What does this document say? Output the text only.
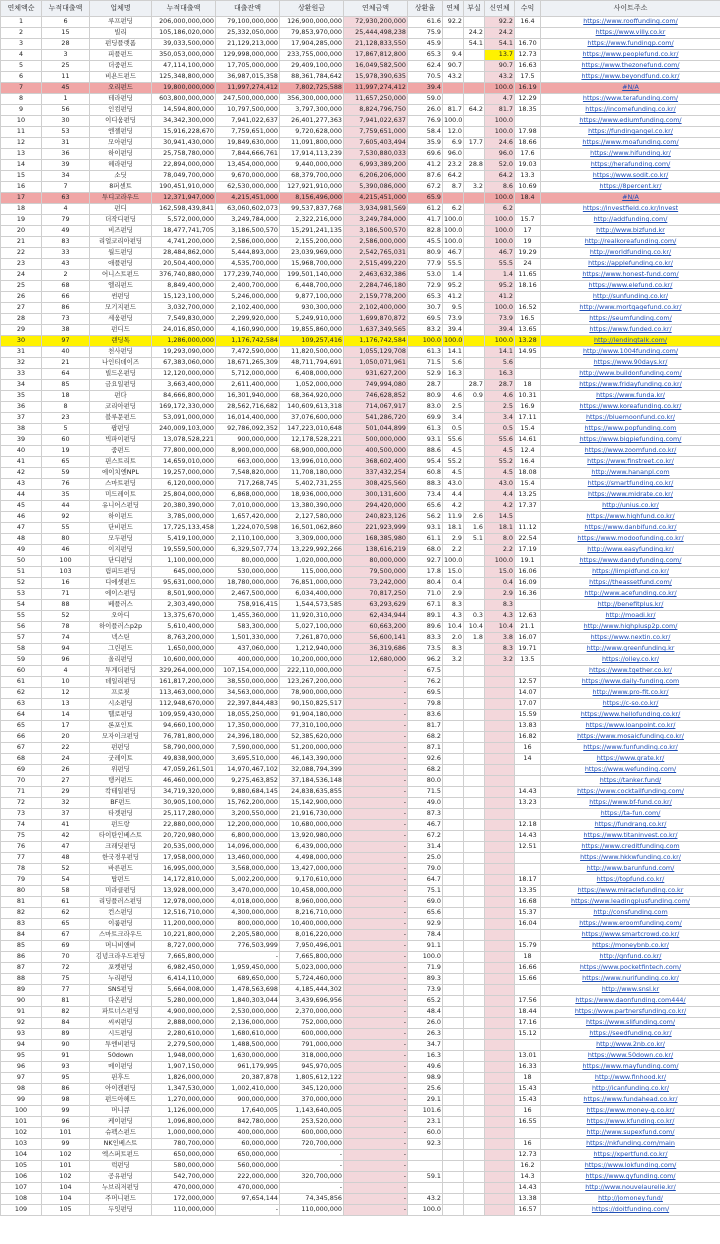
연체액순	누적대출액	업체명	누적대출액	대출잔액	상환원금	연체금액	상환율	연체	부실	신연체	수익	사이트주소
1	6	루프펀딩	206,000,000,000	79,100,000,000	126,900,000,000	72,930,200,000	61.6	92.2		92.2	16.4	https://www.rooffunding.com/
2	15	빌리	105,186,020,000	25,332,050,000	79,853,970,000	25,444,498,238	75.9		24.2	24.2		https://www.villy.co.kr
3	28	펀딩플랫폼	39,033,500,000	21,129,213,000	17,904,285,000	21,128,833,550	45.9		54.1	54.1	16.70	https://www.fundingp.com/
4	3	피플펀드	350,053,000,000	129,998,000,000	233,755,000,000	17,867,812,800	65.3	9.4		13.7	12.73	https://www.peoplefund.co.kr/
5	25	더줌펀드	47,114,100,000	17,705,000,000	29,409,100,000	16,049,582,500	62.4	90.7		90.7	16.63	https://www.thezonefund.com/
6	11	비욘드펀드	125,348,800,000	36,987,015,358	88,361,784,642	15,978,390,635	70.5	43.2		43.2	17.5	https://www.beyondfund.co.kr/
7	45	오리펀드	19,800,000,000	11,997,274,412	7,802,725,588	11,997,274,412	39.4			100.0	16.19	#N/A
8	1	테라펀딩	603,800,000,000	247,500,000,000	356,300,000,000	11,657,250,000	59.0			4.7	12.29	https://www.terafunding.com/
9	56	인컴펀딩	14,594,800,000	10,797,500,000	3,797,300,000	8,824,796,750	26.0	81.7	64.2	81.7	18.35	https://incomefunding.co.kr/
10	30	이디움펀딩	34,342,300,000	7,941,022,637	26,401,277,363	7,941,022,637	76.9	100.0		100.0		https://www.ediumfunding.com/
11	53	엔젤펀딩	15,916,228,670	7,759,651,000	9,720,628,000	7,759,651,000	58.4	12.0		100.0	17.98	https://fundingangel.co.kr/
12	31	모아펀딩	30,941,430,000	19,849,630,000	11,091,800,000	7,605,403,494	35.9	6.9	17.7	24.6	18.66	https://www.moafunding.com/
13	36	하이펀딩	25,758,780,000	7,844,666,761	17,914,113,239	7,530,880,033	69.6	96.0		96.0	17.6	https://www.hifunding.kr/
14	39	헤라펀딩	22,894,000,000	13,454,000,000	9,440,000,000	6,993,389,200	41.2	23.2	28.8	52.0	19.03	https://herafunding.com/
15	34	소딧	78,049,700,000	9,670,000,000	68,379,700,000	6,206,206,000	87.6	64.2		64.2	13.3	https://www.sodit.co.kr/
16	7	8퍼센트	190,451,910,000	62,530,000,000	127,921,910,000	5,390,086,000	67.2	8.7	3.2	8.6	10.69	https://8percent.kr/
17	63	투디고라우드	12,371,947,000	4,215,451,000	8,156,496,000	4,215,451,000	65.9			100.0	18.4	#N/A
18	4	펀디	162,598,439,841	63,060,602,073	99,537,837,768	3,934,981,569	61.2	6.2		6.2		https://investfield.co.kr/invest
19	79	더작디펀딩	5,572,000,000	3,249,784,000	2,322,216,000	3,249,784,000	41.7	100.0		100.0	15.7	http://addfunding.com/
20	49	비즈펀딩	18,477,741,705	3,186,500,570	15,291,241,135	3,186,500,570	82.8	100.0		100.0	17	http://www.bizfund.kr
21	83	리얼코리아펀딩	4,741,200,000	2,586,000,000	2,155,200,000	2,586,000,000	45.5	100.0		100.0	19	http://realkoreafunding.com/
22	33	월드펀딩	28,484,862,000	5,444,893,000	23,039,969,000	2,542,765,031	80.9	46.7		46.7	19.29	http://worldfunding.co.kr/
23	43	애플펀딩	20,504,400,000	4,535,700,000	15,968,700,000	2,515,499,220	77.9	55.5		55.5	24	https://applefunding.co.kr/
24	2	어니스트펀드	376,740,880,000	177,239,740,000	199,501,140,000	2,463,632,386	53.0	1.4		1.4	11.65	https://www.honest-fund.com/
25	68	엘리펀드	8,849,400,000	2,400,700,000	6,448,700,000	2,284,746,180	72.9	95.2		95.2	18.16	https://www.elefund.co.kr/
26	66	썬펀딩	15,123,100,000	5,246,000,000	9,877,100,000	2,159,778,200	65.3	41.2		41.2		http://sunfunding.co.kr/
27	86	모기지펀드	3,032,700,000	2,102,400,000	930,300,000	2,102,400,000	30.7	9.5		100.0	16.52	http://www.mortgagefund.co.kr/
28	73	세움펀딩	7,549,830,000	2,299,920,000	5,249,910,000	1,699,870,872	69.5	73.9		73.9	16.5	https://seumfunding.com/
29	38	펀디드	24,016,850,000	4,160,990,000	19,855,860,000	1,637,349,565	83.2	39.4		39.4	13.65	https://www.funded.co.kr/
30	97	랜딩톡	1,286,000,000	1,176,742,584	109,257,416	1,176,742,584	100.0	100.0		100.0	13.28	http://lendingtalk.com/
31	40	천사펀딩	19,293,090,000	7,472,590,000	11,820,500,000	1,055,129,708	61.3	14.1		14.1	14.95	http://www.1004funding.com/
32	21	나인티데이즈	67,383,060,000	18,671,265,309	48,711,794,691	1,050,071,961	71.5	5.6		5.6		https://www.90days.kr/
33	64	빌드온펀딩	12,120,000,000	5,712,000,000	6,408,000,000	931,627,200	52.9	16.3		16.3		http://www.buildonfunding.com/
34	85	금요일펀딩	3,663,400,000	2,611,400,000	1,052,000,000	749,994,080	28.7		28.7	28.7	18	https://www.fridayfunding.co.kr/
35	18	펀다	84,666,800,000	16,301,940,000	68,364,920,000	746,628,852	80.9	4.6	0.9	4.6	10.31	https://www.funda.kr/
36	8	코리아펀딩	169,172,330,000	28,562,716,682	140,609,613,318	714,067,917	83.0	2.5		2.5	16.9	https://www.koreafunding.co.kr/
37	23	블루문펀드	53,091,000,000	16,014,400,000	37,076,600,000	541,286,720	69.9	3.4		3.4	17.11	https://bluemoonfund.co.kr/
38	5	팝펀딩	240,009,103,000	92,786,092,352	147,223,010,648	501,044,899	61.3	0.5		0.5	15.4	https://www.popfunding.com
39	60	빅파이펀딩	13,078,528,221	900,000,000	12,178,528,221	500,000,000	93.1	55.6		55.6	14.61	https://www.bigpiefunding.com/
40	19	줌펀드	77,800,000,000	8,900,000,000	68,900,000,000	400,500,000	88.6	4.5		4.5	12.4	https://www.zoomfund.co.kr/
41	65	핀스트리트	14,659,010,000	663,000,000	13,996,010,000	368,602,400	95.4	55.2		55.2	16.4	https://www.finstreet.co.kr/
42	59	에이치엔NPL	19,257,000,000	7,548,820,000	11,708,180,000	337,432,254	60.8	4.5		4.5	18.08	http://www.hananpl.com
43	76	스마트펀딩	6,120,000,000	717,268,745	5,402,731,255	308,425,560	88.3	43.0		43.0	15.4	https://smartfunding.co.kr/
44	35	미드레이트	25,804,000,000	6,868,000,000	18,936,000,000	300,131,600	73.4	4.4		4.4	13.25	https://www.midrate.co.kr/
45	44	유니어스펀딩	20,380,390,000	7,010,000,000	13,380,390,000	294,420,000	65.6	4.2		4.2	17.37	http://unius.co.kr/
46	92	하이펀드	3,785,000,000	1,657,420,000	2,127,580,000	240,823,126	56.2	11.9	2.6	14.5		https://www.highfund.co.kr/
47	55	단비펀드	17,725,133,458	1,224,070,598	16,501,062,860	221,923,999	93.1	18.1	1.6	18.1	11.12	https://www.danbifund.co.kr/
48	80	모두펀딩	5,419,100,000	2,110,100,000	3,309,000,000	168,385,980	61.1	2.9	5.1	8.0	22.54	https://www.modoofunding.co.kr/
49	46	이지펀딩	19,559,500,000	6,329,507,774	13,229,992,266	138,616,219	68.0	2.2		2.2	17.19	http://www.easyfunding.kr/
50	100	단디펀딩	1,100,000,000	80,000,000	1,020,000,000	80,000,000	92.7	100.0		100.0	19.1	https://www.dandyfunding.com/
51	103	림피드펀딩	645,000,000	530,000,000	115,000,000	79,500,000	17.8	15.0		15.0	16.06	https://limpidfund.co.kr/
52	16	디에셋펀드	95,631,000,000	18,780,000,000	76,851,000,000	73,242,000	80.4	0.4		0.4	16.09	https://theassetfund.com/
53	71	에이스펀딩	8,501,900,000	2,467,500,000	6,034,400,000	70,817,250	71.0	2.9		2.9	16.36	http://www.acefunding.co.kr/
54	88	베플러스	2,303,490,000	758,916,415	1,544,573,585	63,293,629	67.1	8.3		8.3		http://benefitplus.kr/
55	52	오아디	13,375,670,000	1,455,360,000	11,920,310,000	62,434,944	89.1	4.3	0.3	4.3	12.63	http://moadi.kr/
56	78	하이플러스p2p	5,610,400,000	583,300,000	5,027,100,000	60,663,200	89.6	10.4	10.4	10.4	21.1	http://www.highplusp2p.com/
57	74	넥스틴	8,763,200,000	1,501,330,000	7,261,870,000	56,600,141	83.3	2.0	1.8	3.8	16.07	https://www.nextin.co.kr/
58	94	그린펀드	1,650,000,000	437,060,000	1,212,940,000	36,319,686	73.5	8.3		8.3	19.71	http://www.greenfunding.kr
59	96	올리펀딩	10,600,000,000	400,000,000	10,200,000,000	12,680,000	96.2	3.2		3.2	13.5	https://olley.co.kr/
60	4	투게더펀딩	329,264,000,000	107,154,000,000	222,110,000,000	-	67.5					https://www.tgether.co.kr/
61	10	데일리펀딩	161,817,200,000	38,550,000,000	123,267,200,000	-	76.2				12.57	https://www.daily-funding.com
62	12	프로핏	113,463,000,000	34,563,000,000	78,900,000,000	-	69.5				14.07	http://www.pro-fit.co.kr/
63	13	시소펀딩	112,948,670,000	22,397,844,483	90,150,825,517	-	79.8				17.07	https://c-so.co.kr/
64	14	헬로펀딩	109,959,430,000	18,055,250,000	91,904,180,000	-	83.6				15.59	https://www.hellofunding.co.kr/
65	17	론포인트	94,660,100,000	17,350,000,000	77,310,100,000	-	81.7				13.83	https://www.loanpoint.co.kr/
66	20	모자이크펀딩	76,781,800,000	24,396,180,000	52,385,620,000	-	68.2				16.82	https://www.mosaicfunding.co.kr/
67	22	펀펀딩	58,790,000,000	7,590,000,000	51,200,000,000	-	87.1				16	https://www.funfunding.co.kr/
68	24	굿레이트	49,838,900,000	3,695,510,000	46,143,390,000	-	92.6				14	https://www.grate.kr/
69	26	위펀딩	47,059,261,501	14,970,467,102	32,088,794,399	-	68.2					https://www.wefunding.com/
70	27	탱커펀드	46,460,000,000	9,275,463,852	37,184,536,148	-	80.0					https://tanker.fund/
71	29	칵테일펀딩	34,719,320,000	9,880,684,145	24,838,635,855	-	71.5				14.43	https://www.cocktailfunding.com/
72	32	BF펀드	30,905,100,000	15,762,200,000	15,142,900,000	-	49.0				13.23	https://www.bf-fund.co.kr/
73	37	타겟펀딩	25,117,280,000	3,200,550,000	21,916,730,000	-	87.3					https://ta-fun.com/
74	41	펀드랑	22,880,000,000	12,200,000,000	10,680,000,000	-	46.7				12.18	https://fundrang.co.kr/
75	42	타이탄인베스트	20,720,980,000	6,800,000,000	13,920,980,000	-	67.2				14.43	https://www.titaninvest.co.kr/
76	47	크래딧펀딩	20,535,000,000	14,096,000,000	6,439,000,000	-	31.4				12.51	https://www.creditfunding.com
77	48	한국경우펀딩	17,958,000,000	13,460,000,000	4,498,000,000	-	25.0					https://www.hkkwfunding.co.kr/
78	52	바른펀드	16,995,000,000	3,568,000,000	13,427,000,000	-	79.0					http://www.barunfund.com/
79	54	탑펀드	14,172,810,000	5,002,200,000	9,170,610,000	-	64.7				18.17	https://topfund.co.kr/
80	58	미라클펀딩	13,928,000,000	3,470,000,000	10,458,000,000	-	75.1				13.35	https://www.miraclefunding.co.kr
81	61	리딩플러스펀딩	12,978,000,000	4,018,000,000	8,960,000,000	-	69.0				16.68	https://www.leadingplusfunding.com/
82	62	컨스펀딩	12,516,710,000	4,300,000,000	8,216,710,000	-	65.6				15.37	http://consfunding.com
83	65	이룸펀딩	11,200,000,000	800,000,000	10,400,000,000	-	92.9				16.04	https://www.eroomfunding.com/
84	67	스마트크라우드	10,221,800,000	2,205,580,000	8,016,220,000	-	78.4					https://www.smartcrowd.co.kr/
85	69	머니비앤비	8,727,000,000	776,503,999	7,950,496,001	-	91.1				15.79	https://moneybnb.co.kr/
86	70	김녕크라우드펀딩	7,665,800,000	-	7,665,800,000	-	100.0				18	http://gnfund.co.kr/
87	72	포켓펀딩	6,982,450,000	1,959,450,000	5,023,000,000	-	71.9				16.66	https://www.pocketfintech.com/
88	75	누리펀딩	6,414,110,000	689,650,000	5,724,460,000	-	89.3				15.66	https://www.nurifunding.co.kr/
89	77	SNS펀딩	5,664,008,000	1,478,563,698	4,185,444,302	-	73.9					http://www.snsl.kr
90	81	다온펀딩	5,280,000,000	1,840,303,044	3,439,696,956	-	65.2				17.56	https://www.daonfunding.com444/
91	82	파트너스펀딩	4,900,000,000	2,530,000,000	2,370,000,000	-	48.4				18.44	https://www.partnersfunding.co.kr/
92	84	씨씨펀딩	2,888,000,000	2,136,000,000	752,000,000	-	26.0				17.16	https://www.slifunding.com/
93	89	시드펀딩	2,280,610,000	1,680,610,000	600,000,000	-	26.3				15.12	https://seedfunding.co.kr/
94	90	투엔비펀딩	2,279,500,000	1,488,500,000	791,000,000	-	34.7					http://www.2nb.co.kr/
95	91	50down	1,948,000,000	1,630,000,000	318,000,000	-	16.3				13.01	https://www.50down.co.kr/
96	93	메이펀딩	1,907,150,000	961,179,995	945,970,005	-	49.6				16.33	https://www.mayfunding.com/
97	95	핀후드	1,826,000,000	20,387,878	1,805,612,122	-	98.9				18	http://www.finhood.kr/
98	86	아이캔펀딩	1,347,530,000	1,002,410,000	345,120,000	-	25.6				15.43	http://icanfunding.co.kr/
99	98	펀드아헤드	1,270,000,000	900,000,000	370,000,000	-	29.1				15.43	https://www.fundahead.co.kr/
100	99	머니큐	1,126,000,000	17,640,005	1,143,640,005	-	101.6				16	https://www.money-q.co.kr/
101	96	케이펀딩	1,096,800,000	842,780,000	253,520,000	-	23.1				16.55	https://www.kfunding.co.kr/
102	101	슈펙스펀드	1,000,000,000	400,000,000	600,000,000	-	60.0					http://www.supexfund.com/
103	99	NK인베스트	780,700,000	60,000,000	720,700,000	-	92.3				16	https://nkfunding.com/main
104	102	엑스퍼트펀드	650,000,000	650,000,000	-	-					12.73	https://xpertfund.co.kr/
105	101	럭펀딩	580,000,000	560,000,000	-	-					16.2	https://www.lokfunding.com/
106	102	공유펀딩	542,700,000	222,000,000	320,700,000	-	59.1				14.3	https://www.gyfunding.com/
107	104	누브리저펀딩	470,000,000	470,000,000	-	-					14.43	http://www.nouvelaurelie.kr/
108	104	주머니펀드	172,000,000	97,654,144	74,345,856	-	43.2				13.38	http://jomoney.fund/
109	105	두잇펀딩	110,000,000	-	110,000,000	-	100.0				16.57	https://doitfunding.com/
